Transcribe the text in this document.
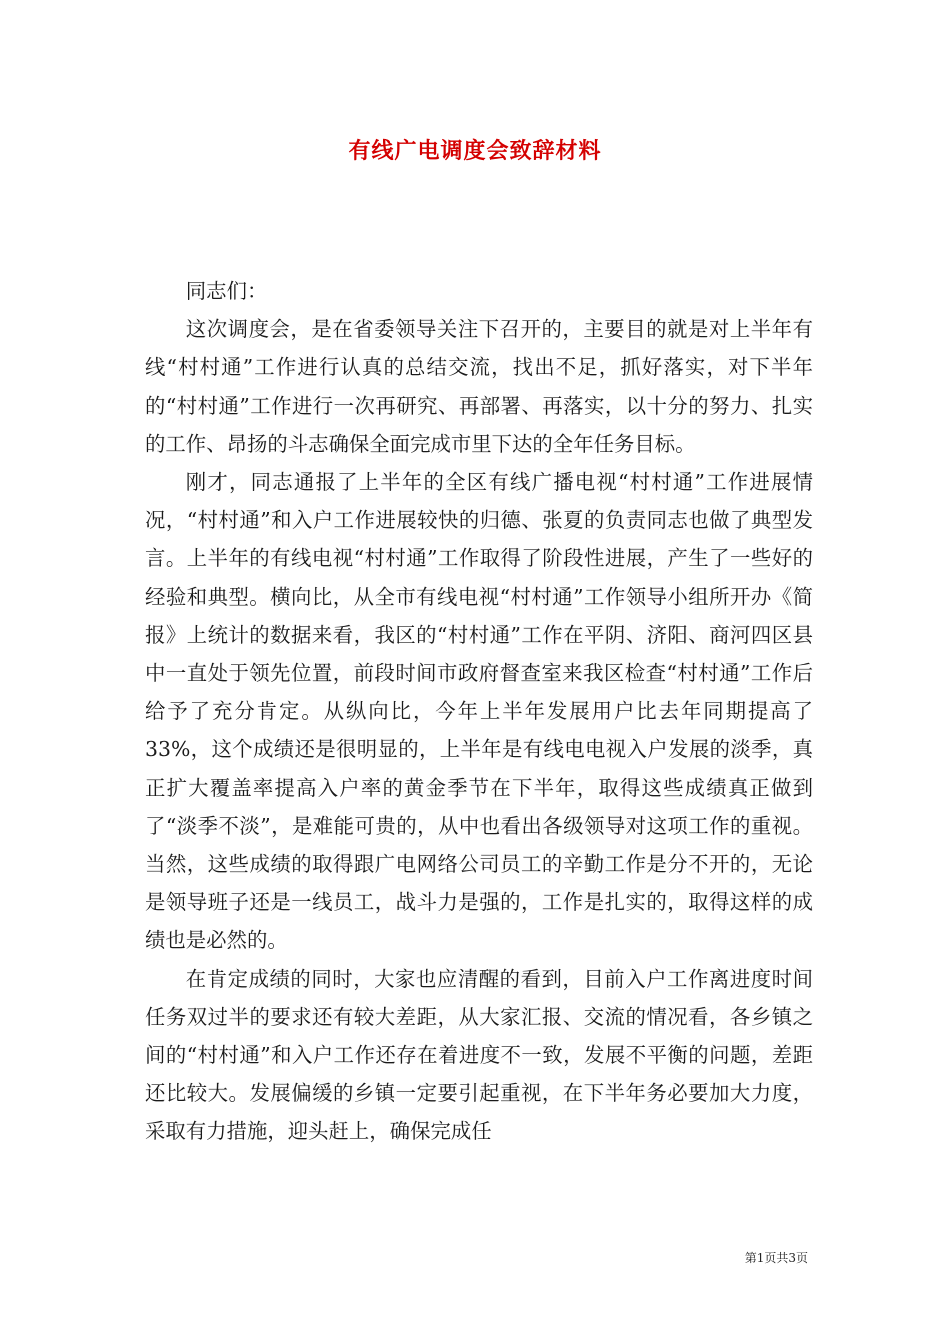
有线广电调度会致辞材料

同志们：

这次调度会，是在省委领导关注下召开的，主要目的就是对上半年有线“村村通”工作进行认真的总结交流，找出不足，抓好落实，对下半年的“村村通”工作进行一次再研究、再部署、再落实，以十分的努力、扎实的工作、昂扬的斗志确保全面完成市里下达的全年任务目标。

刚才，同志通报了上半年的全区有线广播电视“村村通”工作进展情况，“村村通”和入户工作进展较快的归德、张夏的负责同志也做了典型发言。上半年的有线电视“村村通”工作取得了阶段性进展，产生了一些好的经验和典型。横向比，从全市有线电视“村村通”工作领导小组所开办《简报》上统计的数据来看，我区的“村村通”工作在平阴、济阳、商河四区县中一直处于领先位置，前段时间市政府督查室来我区检查“村村通”工作后给予了充分肯定。从纵向比，今年上半年发展用户比去年同期提高了33%，这个成绩还是很明显的，上半年是有线电电视入户发展的淡季，真正扩大覆盖率提高入户率的黄金季节在下半年，取得这些成绩真正做到了“淡季不淡”，是难能可贵的，从中也看出各级领导对这项工作的重视。当然，这些成绩的取得跟广电网络公司员工的辛勤工作是分不开的，无论是领导班子还是一线员工，战斗力是强的，工作是扎实的，取得这样的成绩也是必然的。

在肯定成绩的同时，大家也应清醒的看到，目前入户工作离进度时间任务双过半的要求还有较大差距，从大家汇报、交流的情况看，各乡镇之间的“村村通”和入户工作还存在着进度不一致，发展不平衡的问题，差距还比较大。发展偏缓的乡镇一定要引起重视，在下半年务必要加大力度，采取有力措施，迎头赶上，确保完成任

第1页共3页
